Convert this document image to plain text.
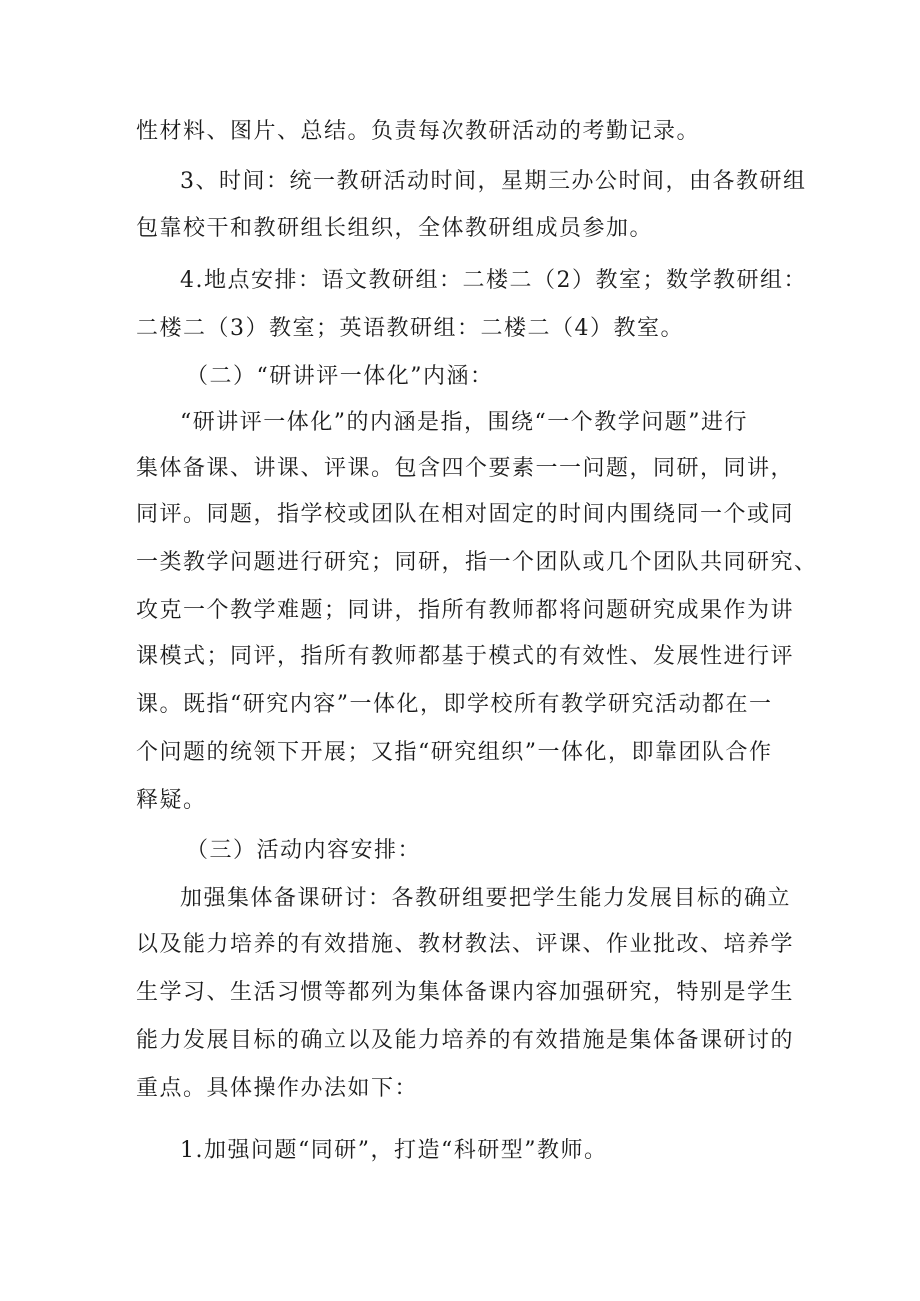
性材料、图片、总结。负责每次教研活动的考勤记录。
3、时间：统一教研活动时间，星期三办公时间，由各教研组
包靠校干和教研组长组织，全体教研组成员参加。
4.地点安排：语文教研组：二楼二（2）教室；数学教研组：
二楼二（3）教室；英语教研组：二楼二（4）教室。
（二）“研讲评一体化”内涵：
“研讲评一体化”的内涵是指，围绕“一个教学问题”进行
集体备课、讲课、评课。包含四个要素一一问题，同研，同讲，
同评。同题，指学校或团队在相对固定的时间内围绕同一个或同
一类教学问题进行研究；同研，指一个团队或几个团队共同研究、
攻克一个教学难题；同讲，指所有教师都将问题研究成果作为讲
课模式；同评，指所有教师都基于模式的有效性、发展性进行评
课。既指“研究内容”一体化，即学校所有教学研究活动都在一
个问题的统领下开展；又指“研究组织”一体化，即靠团队合作
释疑。
（三）活动内容安排：
加强集体备课研讨：各教研组要把学生能力发展目标的确立
以及能力培养的有效措施、教材教法、评课、作业批改、培养学
生学习、生活习惯等都列为集体备课内容加强研究，特别是学生
能力发展目标的确立以及能力培养的有效措施是集体备课研讨的
重点。具体操作办法如下：
1.加强问题“同研”，打造“科研型”教师。
